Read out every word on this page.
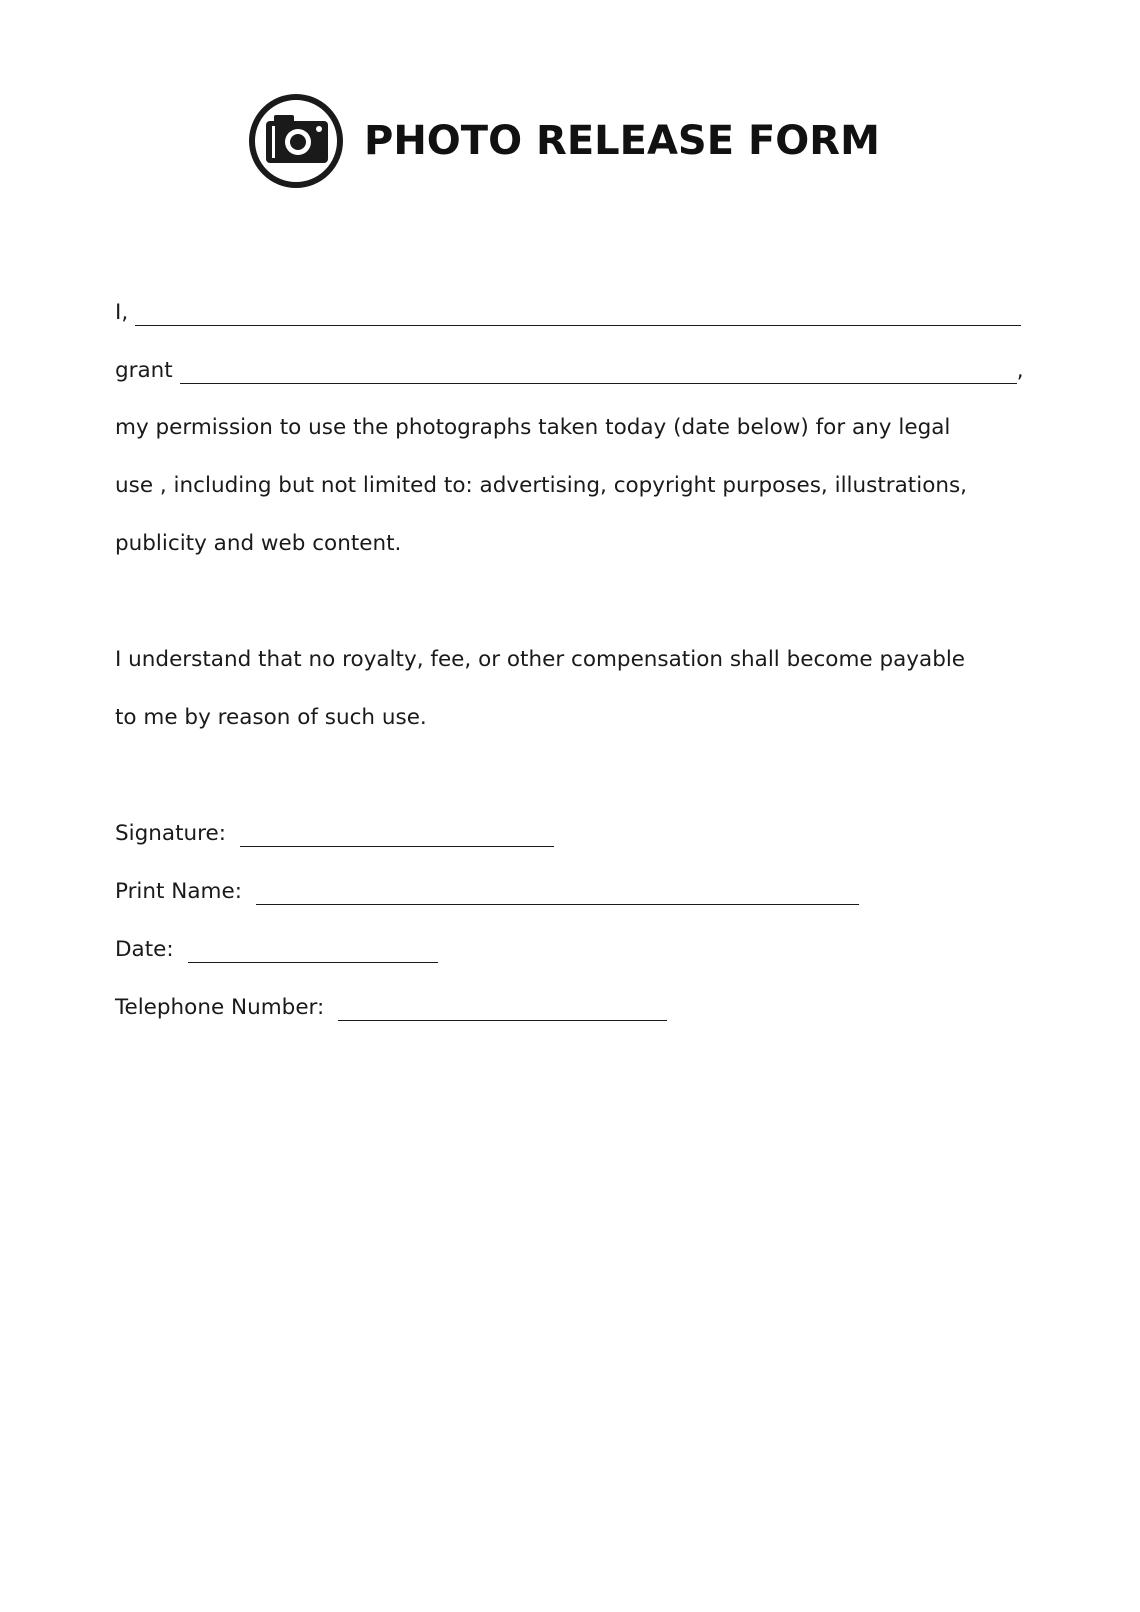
PHOTO RELEASE FORM
I,
grant	,
my permission to use the photographs taken today (date below) for any legal
use , including but not limited to: advertising, copyright purposes, illustrations,
publicity and web content.
I understand that no royalty, fee, or other compensation shall become payable
to me by reason of such use.
Signature:
Print Name:
Date:
Telephone Number:
